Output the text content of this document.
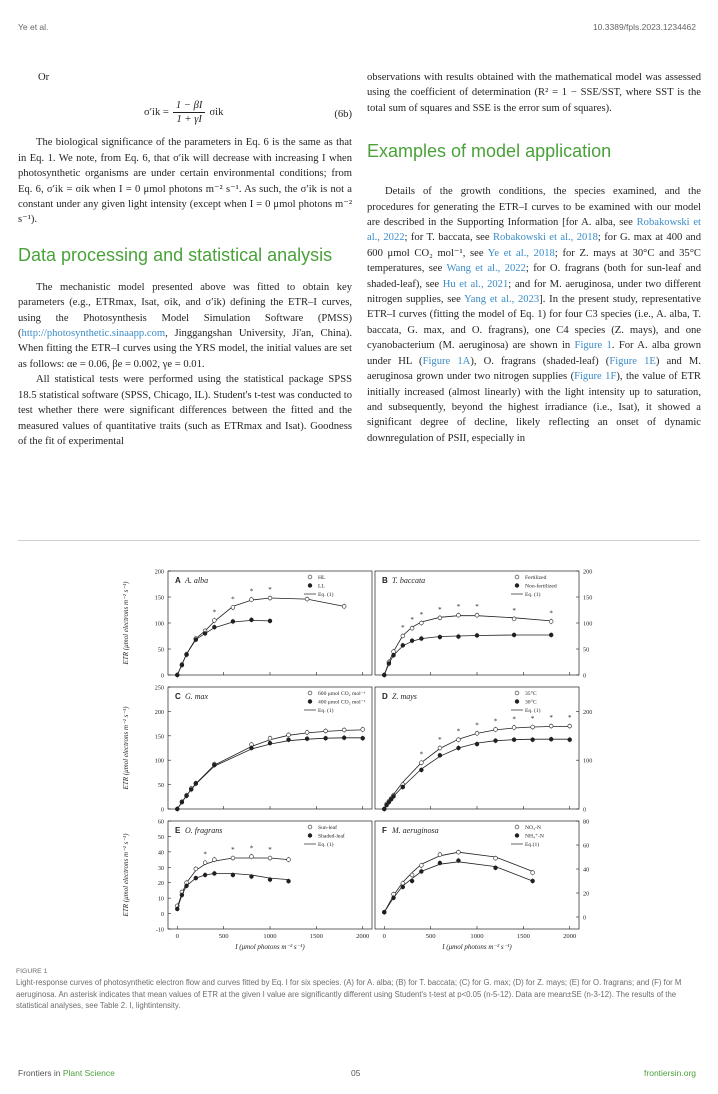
Ye et al.	10.3389/fpls.2023.1234462

Or

$\sigma'ik = \frac{1 - \beta I}{1 + \gamma I}$ σik	(6b)

The biological significance of the parameters in Eq. 6 is the same as that in Eq. 1. We note, from Eq. 6, that σ′ik will decrease with increasing I when photosynthetic organisms are under certain environmental conditions; from Eq. 6, σ′ik = σik when I = 0 μmol photons m⁻² s⁻¹. As such, the σ′ik is not a constant under any given light intensity (except when I = 0 μmol photons m⁻² s⁻¹).

Data processing and statistical analysis

The mechanistic model presented above was fitted to obtain key parameters (e.g., ETRmax, Isat, σik, and σ′ik) defining the ETR–I curves, using the Photosynthesis Model Simulation Software (PMSS) (http://photosynthetic.sinaapp.com, Jinggangshan University, Ji'an, China). When fitting the ETR–I curves using the YRS model, the initial values are set as follows: αe = 0.06, βe = 0.002, γe = 0.01.

All statistical tests were performed using the statistical package SPSS 18.5 statistical software (SPSS, Chicago, IL). Student's t-test was conducted to test whether there were significant differences between the fitted and the measured values of quantitative traits (such as ETRmax and Isat). Goodness of the fit of experimental

observations with results obtained with the mathematical model was assessed using the coefficient of determination (R² = 1 − SSE/SST, where SST is the total sum of squares and SSE is the error sum of squares).

Examples of model application

Details of the growth conditions, the species examined, and the procedures for generating the ETR–I curves to be examined with our model are described in the Supporting Information [for A. alba, see Robakowski et al., 2022; for T. baccata, see Robakowski et al., 2018; for G. max at 400 and 600 μmol CO₂ mol⁻¹, see Ye et al., 2018; for Z. mays at 30°C and 35°C temperatures, see Wang et al., 2022; for O. fragrans (both for sun-leaf and shaded-leaf), see Hu et al., 2021; and for M. aeruginosa, under two different nitrogen supplies, see Yang et al., 2023]. In the present study, representative ETR–I curves (fitting the model of Eq. 1) for four C3 species (i.e., A. alba, T. baccata, G. max, and O. fragrans), one C4 species (Z. mays), and one cyanobacterium (M. aeruginosa) are shown in Figure 1. For A. alba grown under HL (Figure 1A), O. fragrans (shaded-leaf) (Figure 1E) and M. aeruginosa grown under two nitrogen supplies (Figure 1F), the value of ETR initially increased (almost linearly) with the light intensity up to saturation, and subsequently, beyond the highest irradiance (i.e., Isat), it showed a significant degree of decline, likely reflecting an onset of dynamic downregulation of PSII, especially in

0
50
100
150
200
A A. alba	HL
LL
Eq. (1)
*
*
* *
ETR (μmol electrons m⁻² s⁻¹)
0
50
100
150
200
B T. baccata	Fertilized
Non-fertilized
Eq. (1)
*
*
*
* * *	*	*
0
50
100
150
200
250
C G. max	600 μmol CO₂ mol⁻¹
400 μmol CO₂ mol⁻¹
Eq. (1)
ETR (μmol electrons m⁻² s⁻¹)
0
100
200
D Z. mays	35°C
30°C
Eq. (1)
*
*
*
* * * * * *
-10
0
10
20
30
40
50
60
0	500	1000	1500	2000
E O. fragrans	Sun-leaf
Shaded-leaf
Eq. (1)
*
* * *
ETR (μmol electrons m⁻² s⁻¹)
0
20
40
60
80
0	500	1000	1500	2000
F M. aeruginosa	NO₃-N
NH₄⁺-N
Eq.(1)
I (μmol photons m⁻² s⁻¹)	I (μmol photons m⁻² s⁻¹)
FIGURE 1
Light-response curves of photosynthetic electron flow and curves fitted by Eq. I for six species. (A) for A. alba; (B) for T. baccata; (C) for G. max; (D) for Z. mays; (E) for O. fragrans; and (F) for M aeruginosa. An asterisk indicates that mean values of ETR at the given I value are significantly different using Student's t-test at p<0.05 (n-5-12). Data are mean±SE (n-3-12). The results of the statistical analyses, see Table 2. I, lightintensity.
Frontiers in Plant Science	05	frontiersin.org
